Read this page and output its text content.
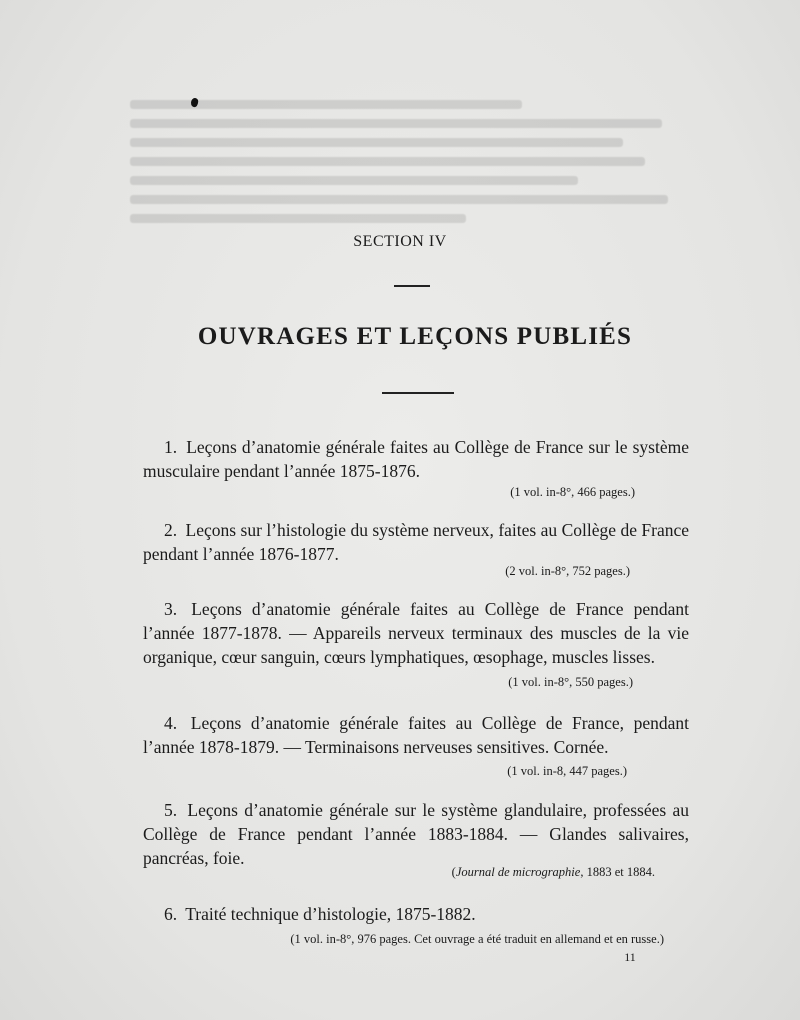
SECTION IV
OUVRAGES ET LEÇONS PUBLIÉS
1. Leçons d’anatomie générale faites au Collège de France sur le système musculaire pendant l’année 1875-1876.
(1 vol. in-8°, 466 pages.)
2. Leçons sur l’histologie du système nerveux, faites au Collège de France pendant l’année 1876-1877.
(2 vol. in-8°, 752 pages.)
3. Leçons d’anatomie générale faites au Collège de France pendant l’année 1877-1878. — Appareils nerveux terminaux des muscles de la vie organique, cœur sanguin, cœurs lymphatiques, œsophage, muscles lisses.
(1 vol. in-8°, 550 pages.)
4. Leçons d’anatomie générale faites au Collège de France, pendant l’année 1878-1879. — Terminaisons nerveuses sensitives. Cornée.
(1 vol. in-8, 447 pages.)
5. Leçons d’anatomie générale sur le système glandulaire, professées au Collège de France pendant l’année 1883-1884. — Glandes salivaires, pancréas, foie.
(Journal de micrographie, 1883 et 1884.
6. Traité technique d’histologie, 1875-1882.
(1 vol. in-8°, 976 pages. Cet ouvrage a été traduit en allemand et en russe.)
11
